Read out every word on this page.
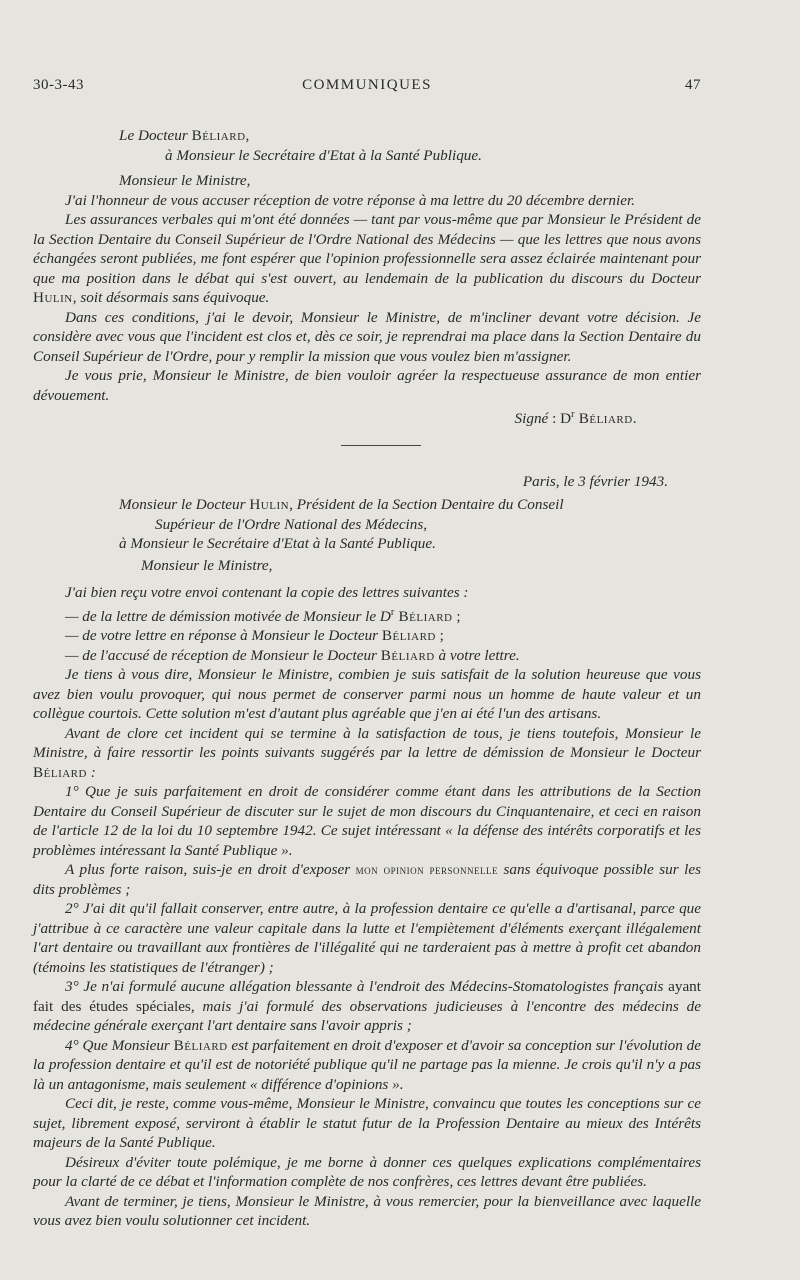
30-3-43	COMMUNIQUES	47

Le Docteur Béliard,

à Monsieur le Secrétaire d'Etat à la Santé Publique.

Monsieur le Ministre,

J'ai l'honneur de vous accuser réception de votre réponse à ma lettre du 20 décembre dernier.

Les assurances verbales qui m'ont été données — tant par vous-même que par Monsieur le Président de la Section Dentaire du Conseil Supérieur de l'Ordre National des Médecins — que les lettres que nous avons échangées seront publiées, me font espérer que l'opinion professionnelle sera assez éclairée maintenant pour que ma position dans le débat qui s'est ouvert, au lendemain de la publication du discours du Docteur Hulin, soit désormais sans équivoque.

Dans ces conditions, j'ai le devoir, Monsieur le Ministre, de m'incliner devant votre décision. Je considère avec vous que l'incident est clos et, dès ce soir, je reprendrai ma place dans la Section Dentaire du Conseil Supérieur de l'Ordre, pour y remplir la mission que vous voulez bien m'assigner.

Je vous prie, Monsieur le Ministre, de bien vouloir agréer la respectueuse assurance de mon entier dévouement.

Signé : $D^r$ Béliard.

Paris, le 3 février 1943.

Monsieur le Docteur Hulin, Président de la Section Dentaire du Conseil

Supérieur de l'Ordre National des Médecins,

à Monsieur le Secrétaire d'Etat à la Santé Publique.

Monsieur le Ministre,

J'ai bien reçu votre envoi contenant la copie des lettres suivantes :

— de la lettre de démission motivée de Monsieur le $D^r$ Béliard ;

— de votre lettre en réponse à Monsieur le Docteur Béliard ;

— de l'accusé de réception de Monsieur le Docteur Béliard à votre lettre.

Je tiens à vous dire, Monsieur le Ministre, combien je suis satisfait de la solution heureuse que vous avez bien voulu provoquer, qui nous permet de conserver parmi nous un homme de haute valeur et un collègue courtois. Cette solution m'est d'autant plus agréable que j'en ai été l'un des artisans.

Avant de clore cet incident qui se termine à la satisfaction de tous, je tiens toutefois, Monsieur le Ministre, à faire ressortir les points suivants suggérés par la lettre de démission de Monsieur le Docteur Béliard :

1° Que je suis parfaitement en droit de considérer comme étant dans les attributions de la Section Dentaire du Conseil Supérieur de discuter sur le sujet de mon discours du Cinquantenaire, et ceci en raison de l'article 12 de la loi du 10 septembre 1942. Ce sujet intéressant « la défense des intérêts corporatifs et les problèmes intéressant la Santé Publique ».

A plus forte raison, suis-je en droit d'exposer mon opinion personnelle sans équivoque possible sur les dits problèmes ;

2° J'ai dit qu'il fallait conserver, entre autre, à la profession dentaire ce qu'elle a d'artisanal, parce que j'attribue à ce caractère une valeur capitale dans la lutte et l'empiètement d'éléments exerçant illégalement l'art dentaire ou travaillant aux frontières de l'illégalité qui ne tarderaient pas à mettre à profit cet abandon (témoins les statistiques de l'étranger) ;

3° Je n'ai formulé aucune allégation blessante à l'endroit des Médecins-Stomatologistes français ayant fait des études spéciales, mais j'ai formulé des observations judicieuses à l'encontre des médecins de médecine générale exerçant l'art dentaire sans l'avoir appris ;

4° Que Monsieur Béliard est parfaitement en droit d'exposer et d'avoir sa conception sur l'évolution de la profession dentaire et qu'il est de notoriété publique qu'il ne partage pas la mienne. Je crois qu'il n'y a pas là un antagonisme, mais seulement « différence d'opinions ».

Ceci dit, je reste, comme vous-même, Monsieur le Ministre, convaincu que toutes les conceptions sur ce sujet, librement exposé, serviront à établir le statut futur de la Profession Dentaire au mieux des Intérêts majeurs de la Santé Publique.

Désireux d'éviter toute polémique, je me borne à donner ces quelques explications complémentaires pour la clarté de ce débat et l'information complète de nos confrères, ces lettres devant être publiées.

Avant de terminer, je tiens, Monsieur le Ministre, à vous remercier, pour la bienveillance avec laquelle vous avez bien voulu solutionner cet incident.
